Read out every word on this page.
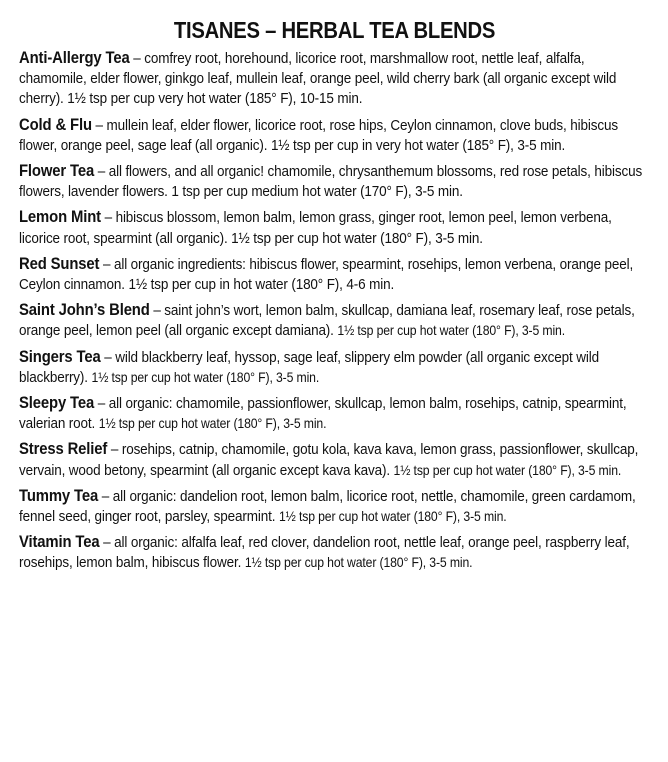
TISANES – HERBAL TEA BLENDS

Anti-Allergy Tea – comfrey root, horehound, licorice root, marshmallow root, nettle leaf, alfalfa, chamomile, elder flower, ginkgo leaf, mullein leaf, orange peel, wild cherry bark (all organic except wild cherry). 1½ tsp per cup very hot water (185° F), 10-15 min.

Cold & Flu – mullein leaf, elder flower, licorice root, rose hips, Ceylon cinnamon, clove buds, hibiscus flower, orange peel, sage leaf (all organic). 1½ tsp per cup in very hot water (185° F), 3-5 min.

Flower Tea – all flowers, and all organic! chamomile, chrysanthemum blossoms, red rose petals, hibiscus flowers, lavender flowers. 1 tsp per cup medium hot water (170° F), 3-5 min.

Lemon Mint – hibiscus blossom, lemon balm, lemon grass, ginger root, lemon peel, lemon verbena, licorice root, spearmint (all organic). 1½ tsp per cup hot water (180° F), 3-5 min.

Red Sunset – all organic ingredients: hibiscus flower, spearmint, rosehips, lemon verbena, orange peel, Ceylon cinnamon. 1½ tsp per cup in hot water (180° F), 4-6 min.

Saint John’s Blend – saint john’s wort, lemon balm, skullcap, damiana leaf, rosemary leaf, rose petals, orange peel, lemon peel (all organic except damiana). 1½ tsp per cup hot water (180° F), 3-5 min.

Singers Tea – wild blackberry leaf, hyssop, sage leaf, slippery elm powder (all organic except wild blackberry). 1½ tsp per cup hot water (180° F), 3-5 min.

Sleepy Tea – all organic: chamomile, passionflower, skullcap, lemon balm, rosehips, catnip, spearmint, valerian root. 1½ tsp per cup hot water (180° F), 3-5 min.

Stress Relief – rosehips, catnip, chamomile, gotu kola, kava kava, lemon grass, passionflower, skullcap, vervain, wood betony, spearmint (all organic except kava kava). 1½ tsp per cup hot water (180° F), 3-5 min.

Tummy Tea – all organic: dandelion root, lemon balm, licorice root, nettle, chamomile, green cardamom, fennel seed, ginger root, parsley, spearmint. 1½ tsp per cup hot water (180° F), 3-5 min.

Vitamin Tea – all organic: alfalfa leaf, red clover, dandelion root, nettle leaf, orange peel, raspberry leaf, rosehips, lemon balm, hibiscus flower. 1½ tsp per cup hot water (180° F), 3-5 min.
